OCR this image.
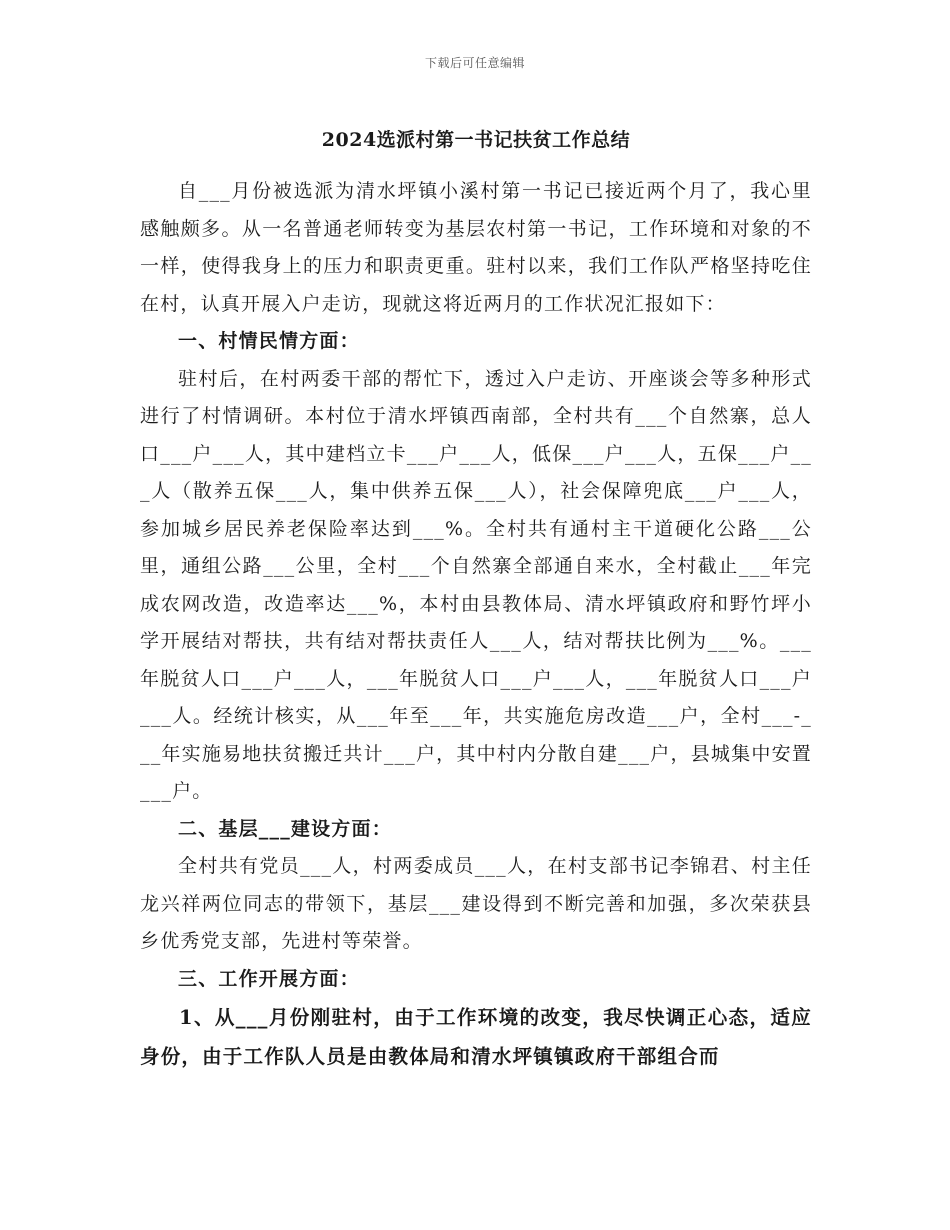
下载后可任意编辑
2024选派村第一书记扶贫工作总结

自___月份被选派为清水坪镇小溪村第一书记已接近两个月了，我心里感触颇多。从一名普通老师转变为基层农村第一书记，工作环境和对象的不一样，使得我身上的压力和职责更重。驻村以来，我们工作队严格坚持吃住在村，认真开展入户走访，现就这将近两月的工作状况汇报如下：

一、村情民情方面：

驻村后，在村两委干部的帮忙下，透过入户走访、开座谈会等多种形式进行了村情调研。本村位于清水坪镇西南部，全村共有___个自然寨，总人口___户___人，其中建档立卡___户___人，低保___户___人，五保___户___人（散养五保___人，集中供养五保___人），社会保障兜底___户___人，参加城乡居民养老保险率达到___%。全村共有通村主干道硬化公路___公里，通组公路___公里，全村___个自然寨全部通自来水，全村截止___年完成农网改造，改造率达___%，本村由县教体局、清水坪镇政府和野竹坪小学开展结对帮扶，共有结对帮扶责任人___人，结对帮扶比例为___%。___年脱贫人口___户___人，___年脱贫人口___户___人，___年脱贫人口___户___人。经统计核实，从___年至___年，共实施危房改造___户，全村___-___年实施易地扶贫搬迁共计___户，其中村内分散自建___户，县城集中安置___户。

二、基层___建设方面：

全村共有党员___人，村两委成员___人，在村支部书记李锦君、村主任龙兴祥两位同志的带领下，基层___建设得到不断完善和加强，多次荣获县乡优秀党支部，先进村等荣誉。

三、工作开展方面：

1、从___月份刚驻村，由于工作环境的改变，我尽快调正心态，适应身份，由于工作队人员是由教体局和清水坪镇镇政府干部组合而
